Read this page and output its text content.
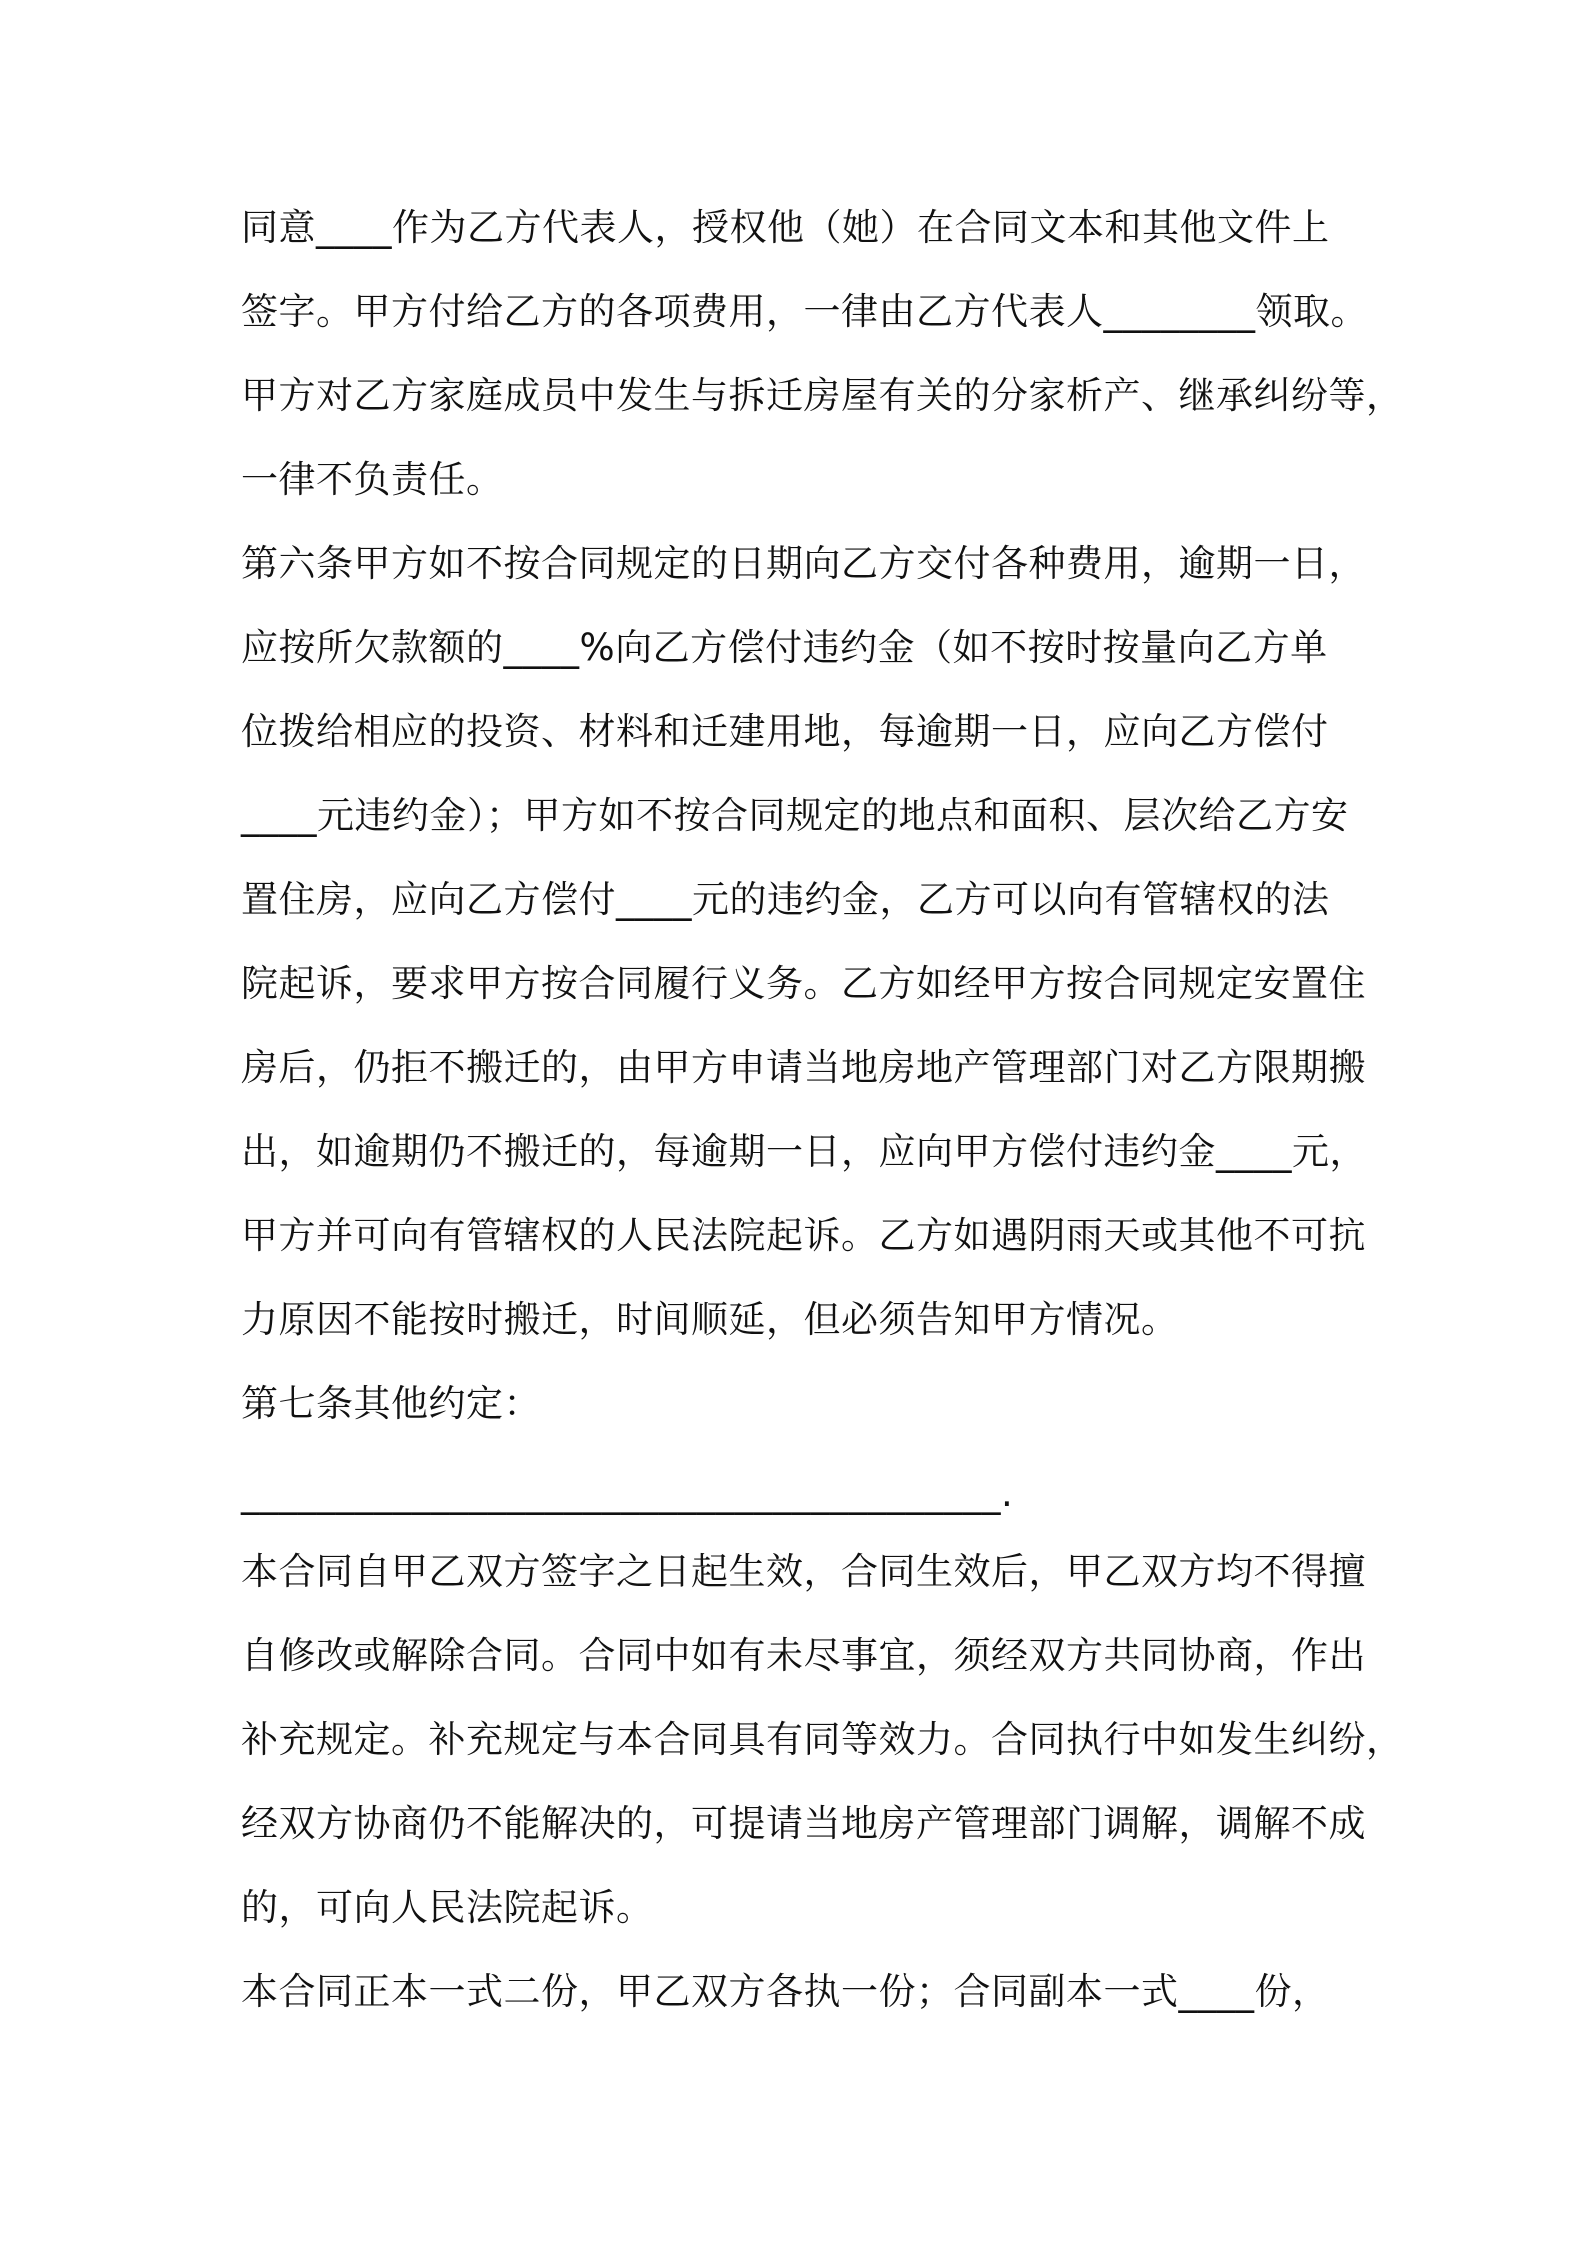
同意____作为乙方代表人，授权他（她）在合同文本和其他文件上
签字。甲方付给乙方的各项费用，一律由乙方代表人________领取。
甲方对乙方家庭成员中发生与拆迁房屋有关的分家析产、继承纠纷等，
一律不负责任。
第六条甲方如不按合同规定的日期向乙方交付各种费用，逾期一日，
应按所欠款额的____%向乙方偿付违约金（如不按时按量向乙方单
位拨给相应的投资、材料和迁建用地，每逾期一日，应向乙方偿付
____元违约金）；甲方如不按合同规定的地点和面积、层次给乙方安
置住房，应向乙方偿付____元的违约金，乙方可以向有管辖权的法
院起诉，要求甲方按合同履行义务。乙方如经甲方按合同规定安置住
房后，仍拒不搬迁的，由甲方申请当地房地产管理部门对乙方限期搬
出，如逾期仍不搬迁的，每逾期一日，应向甲方偿付违约金____元，
甲方并可向有管辖权的人民法院起诉。乙方如遇阴雨天或其他不可抗
力原因不能按时搬迁，时间顺延，但必须告知甲方情况。
第七条其他约定：
________________________________________.
本合同自甲乙双方签字之日起生效，合同生效后，甲乙双方均不得擅
自修改或解除合同。合同中如有未尽事宜，须经双方共同协商，作出
补充规定。补充规定与本合同具有同等效力。合同执行中如发生纠纷，
经双方协商仍不能解决的，可提请当地房产管理部门调解，调解不成
的，可向人民法院起诉。
本合同正本一式二份，甲乙双方各执一份；合同副本一式____份，
